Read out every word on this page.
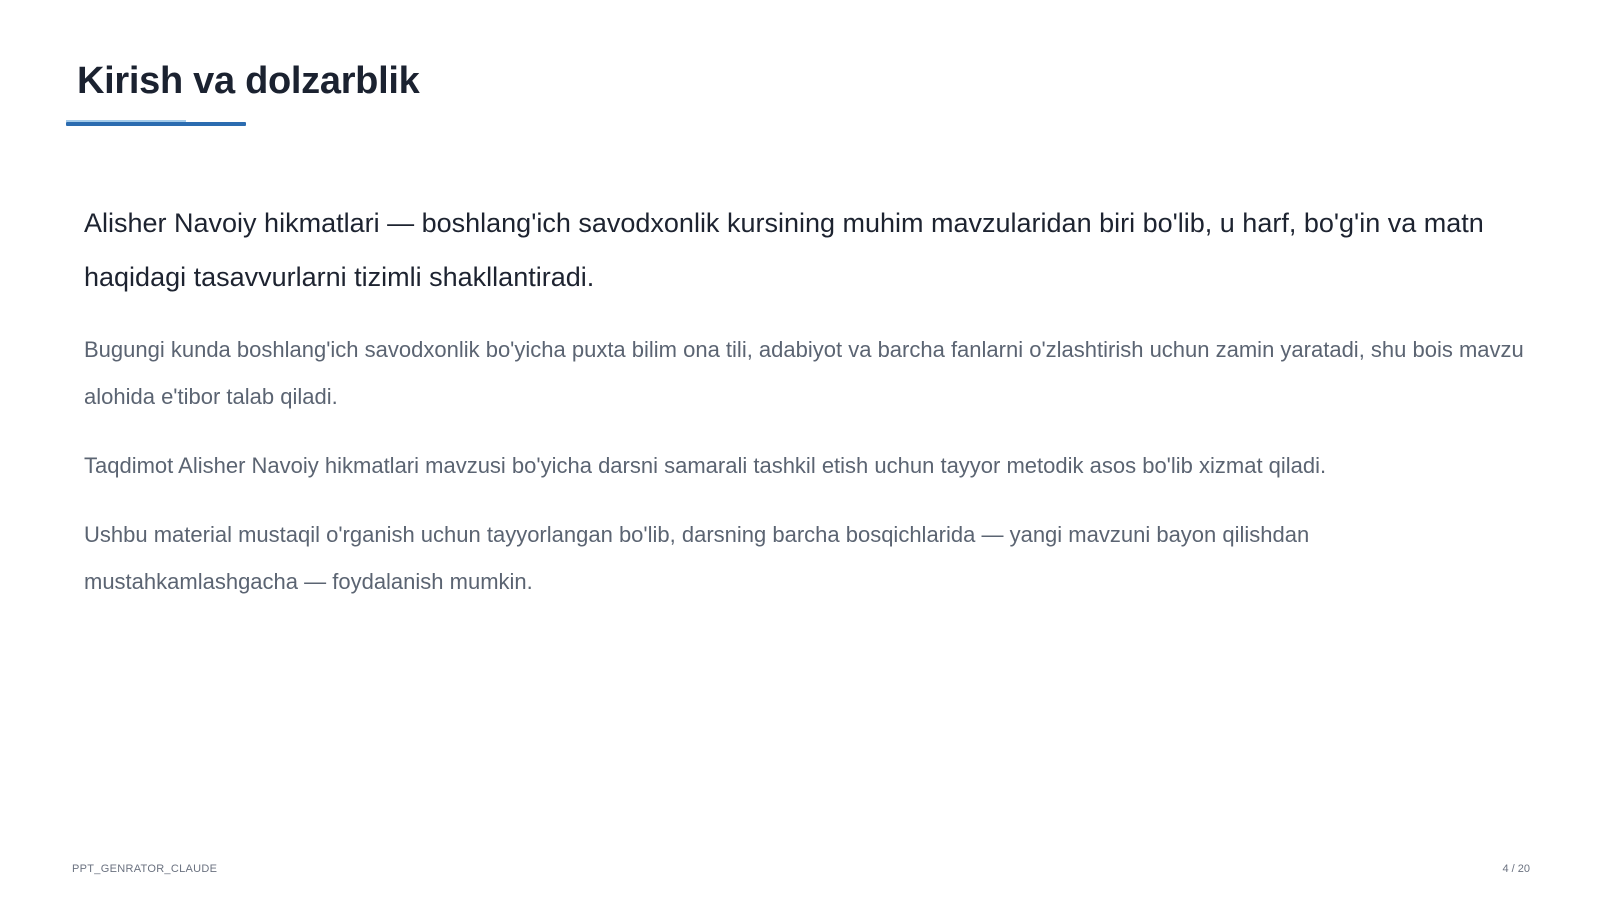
Kirish va dolzarblik

Alisher Navoiy hikmatlari — boshlang'ich savodxonlik kursining muhim mavzularidan biri bo'lib, u harf, bo'g'in va matn haqidagi tasavvurlarni tizimli shakllantiradi.

Bugungi kunda boshlang'ich savodxonlik bo'yicha puxta bilim ona tili, adabiyot va barcha fanlarni o'zlashtirish uchun zamin yaratadi, shu bois mavzu alohida e'tibor talab qiladi.

Taqdimot Alisher Navoiy hikmatlari mavzusi bo'yicha darsni samarali tashkil etish uchun tayyor metodik asos bo'lib xizmat qiladi.

Ushbu material mustaqil o'rganish uchun tayyorlangan bo'lib, darsning barcha bosqichlarida — yangi mavzuni bayon qilishdan mustahkamlashgacha — foydalanish mumkin.

PPT_GENRATOR_CLAUDE	4 / 20
